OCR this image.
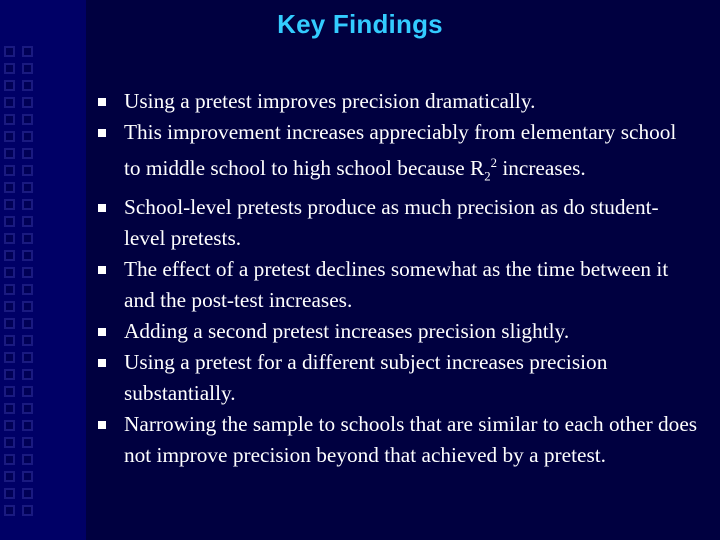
Key Findings
Using a pretest improves precision dramatically.
This improvement increases appreciably from elementary school to middle school to high school because $R_2^2$ increases.
School-level pretests produce as much precision as do student-level pretests.
The effect of a pretest declines somewhat as the time between it and the post-test increases.
Adding a second pretest increases precision slightly.
Using a pretest for a different subject increases precision substantially.
Narrowing the sample to schools that are similar to each other does not improve precision beyond that achieved by a pretest.
